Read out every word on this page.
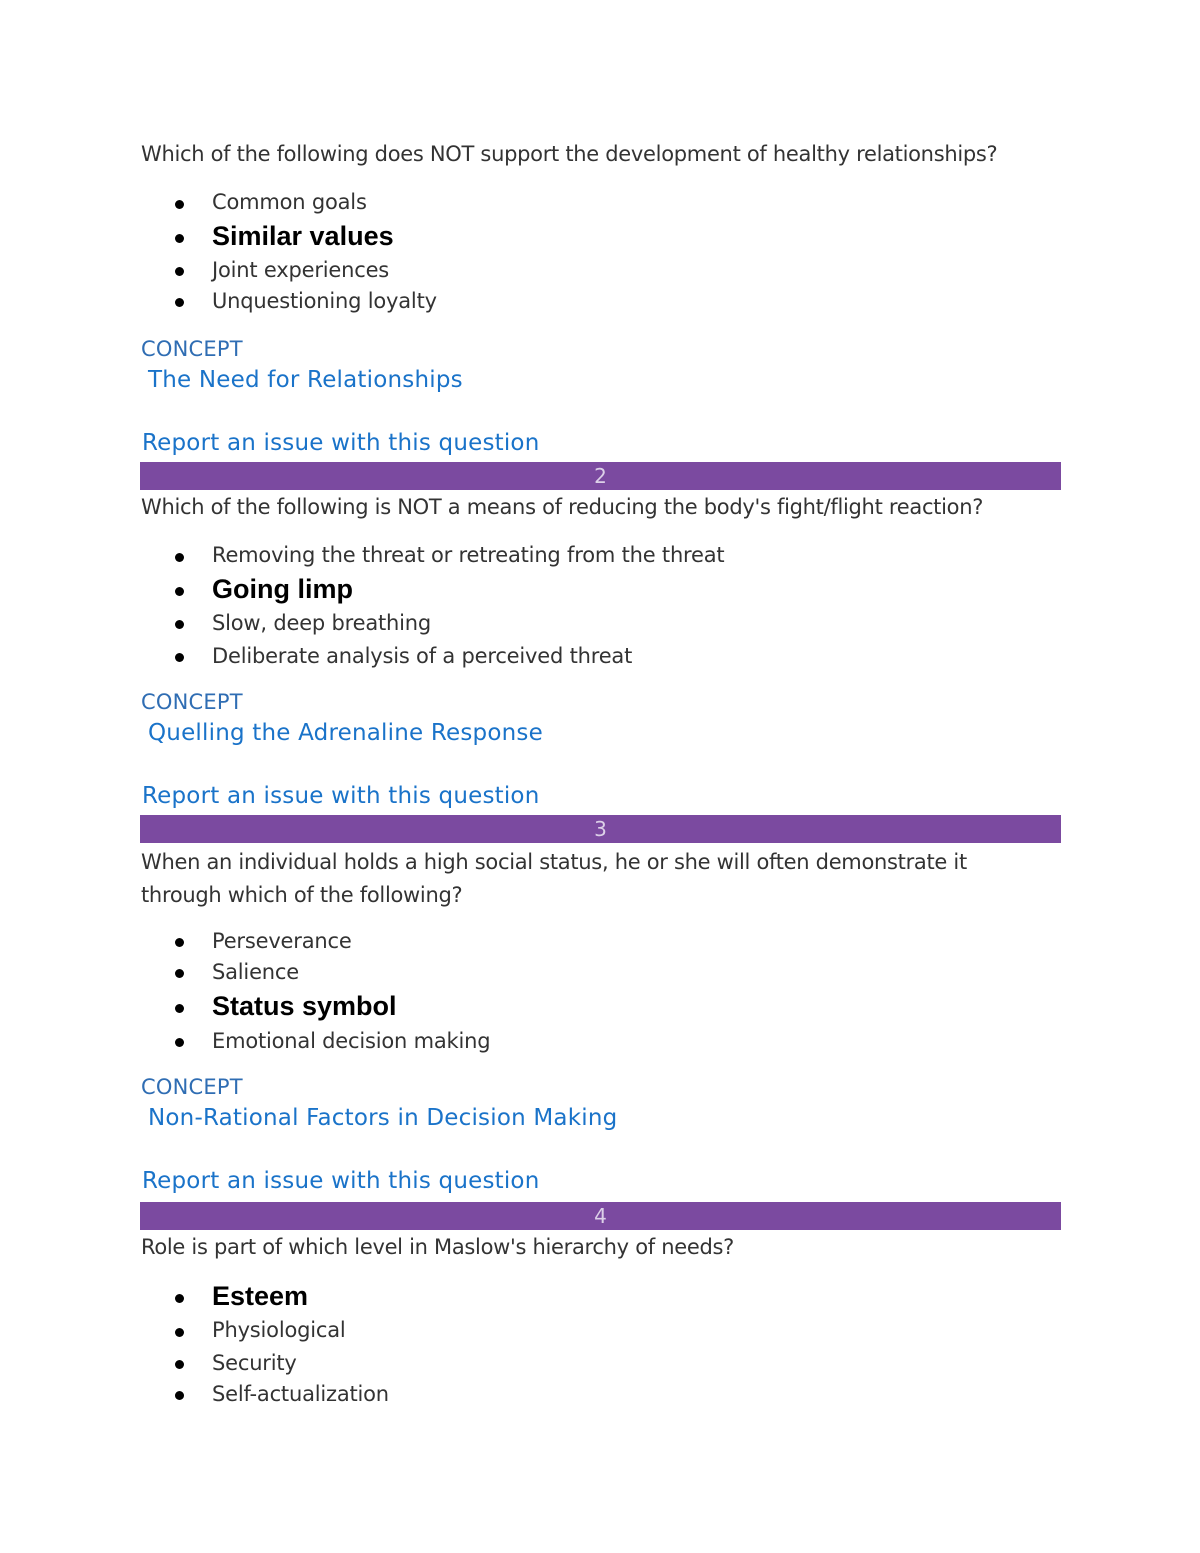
Which of the following does NOT support the development of healthy relationships?
Common goals
Similar values
Joint experiences
Unquestioning loyalty
CONCEPT
The Need for Relationships
Report an issue with this question
2
Which of the following is NOT a means of reducing the body's fight/flight reaction?
Removing the threat or retreating from the threat
Going limp
Slow, deep breathing
Deliberate analysis of a perceived threat
CONCEPT
Quelling the Adrenaline Response
Report an issue with this question
3
When an individual holds a high social status, he or she will often demonstrate it through which of the following?
Perseverance
Salience
Status symbol
Emotional decision making
CONCEPT
Non-Rational Factors in Decision Making
Report an issue with this question
4
Role is part of which level in Maslow's hierarchy of needs?
Esteem
Physiological
Security
Self-actualization
